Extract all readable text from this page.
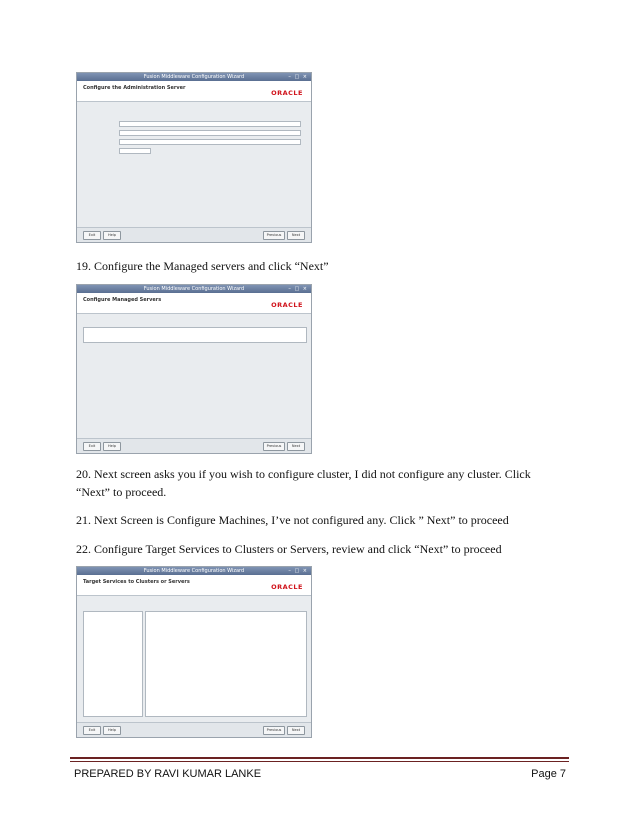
Fusion Middleware Configuration Wizard	– □ ×
Configure the Administration Server
ORACLE
Exit	Help	Previous	Next
19. Configure the Managed servers and click “Next”
Fusion Middleware Configuration Wizard	– □ ×
Configure Managed Servers
ORACLE
Exit	Help	Previous	Next
20. Next screen asks you if you wish to configure cluster, I did not configure any cluster. Click
“Next” to proceed.
21. Next Screen is Configure Machines, I’ve not configured any. Click ” Next” to proceed
22. Configure Target Services to Clusters or Servers, review and click “Next” to proceed
Fusion Middleware Configuration Wizard	– □ ×
Target Services to Clusters or Servers
ORACLE
Exit	Help	Previous	Next
PREPARED BY RAVI KUMAR LANKE	Page 7
